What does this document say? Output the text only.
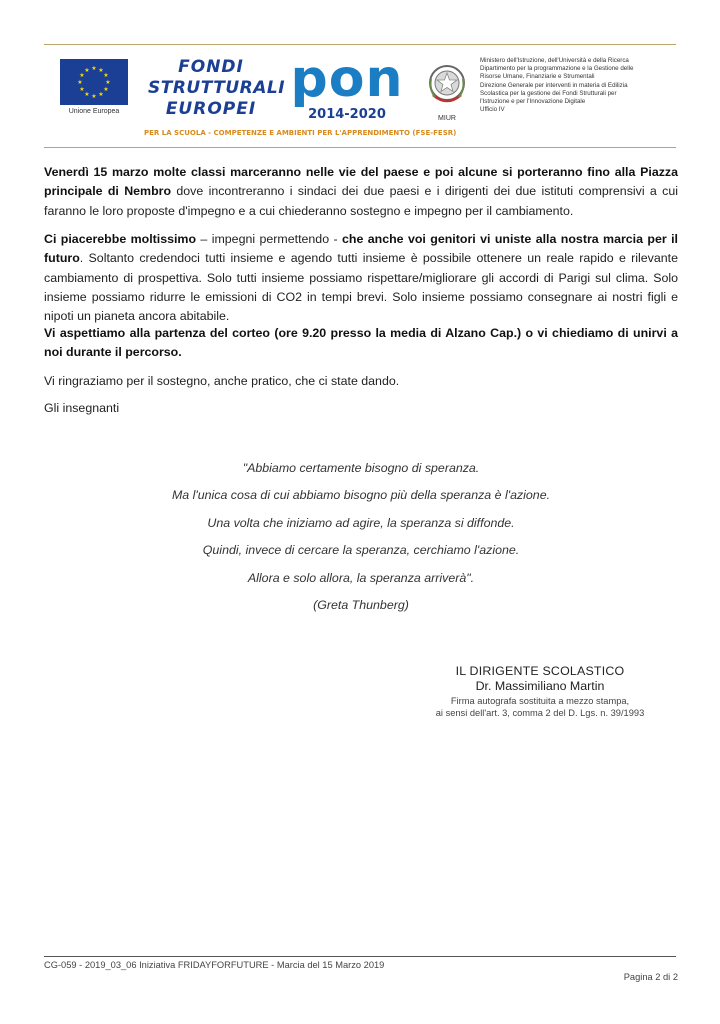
★ ★
★
★
★
★
★
★
★
★
★
★
Unione Europea
FONDI
STRUTTURALI
EUROPEI pon
2014-2020
PER LA SCUOLA - COMPETENZE E AMBIENTI PER L'APPRENDIMENTO (FSE-FESR)
MIUR
Ministero dell'Istruzione, dell'Università e della Ricerca
Dipartimento per la programmazione e la Gestione delle
Risorse Umane, Finanziarie e Strumentali
Direzione Generale per interventi in materia di Edilizia
Scolastica per la gestione dei Fondi Strutturali per
l'Istruzione e per l'Innovazione Digitale
Ufficio IV
Venerdì 15 marzo molte classi marceranno nelle vie del paese e poi alcune si porteranno fino alla Piazza principale di Nembro dove incontreranno i sindaci dei due paesi e i dirigenti dei due istituti comprensivi a cui faranno le loro proposte d'impegno e a cui chiederanno sostegno e impegno per il cambiamento.
Ci piacerebbe moltissimo – impegni permettendo - che anche voi genitori vi uniste alla nostra marcia per il futuro. Soltanto credendoci tutti insieme e agendo tutti insieme è possibile ottenere un reale rapido e rilevante cambiamento di prospettiva. Solo tutti insieme possiamo rispettare/migliorare gli accordi di Parigi sul clima. Solo insieme possiamo ridurre le emissioni di CO2 in tempi brevi. Solo insieme possiamo consegnare ai nostri figli e nipoti un pianeta ancora abitabile.
Vi aspettiamo alla partenza del corteo (ore 9.20 presso la media di Alzano Cap.) o vi chiediamo di unirvi a noi durante il percorso.
Vi ringraziamo per il sostegno, anche pratico, che ci state dando.
Gli insegnanti
"Abbiamo certamente bisogno di speranza.
Ma l'unica cosa di cui abbiamo bisogno più della speranza è l'azione.
Una volta che iniziamo ad agire, la speranza si diffonde.
Quindi, invece di cercare la speranza, cerchiamo l'azione.
Allora e solo allora, la speranza arriverà".
(Greta Thunberg)
IL DIRIGENTE SCOLASTICO
Dr. Massimiliano Martin
Firma autografa sostituita a mezzo stampa,
ai sensi dell'art. 3, comma 2 del D. Lgs. n. 39/1993
CG-059 - 2019_03_06 Iniziativa FRIDAYFORFUTURE - Marcia del 15 Marzo 2019
Pagina 2 di 2
